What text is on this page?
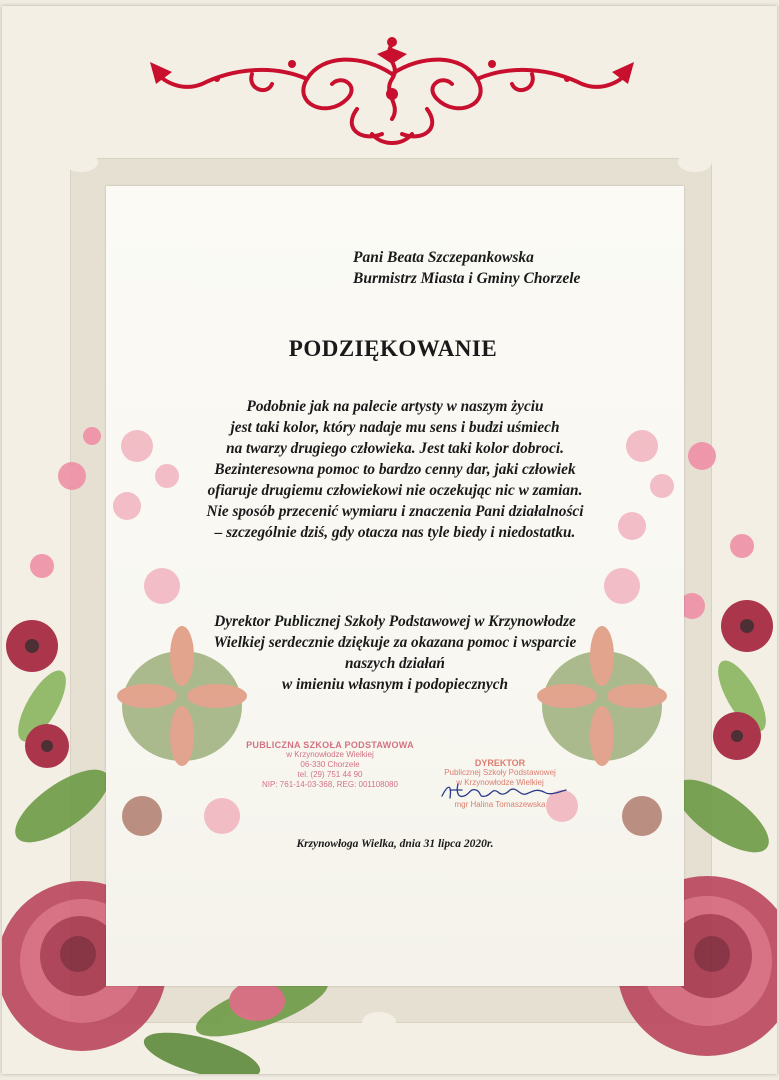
Pani Beata Szczepankowska
Burmistrz Miasta i Gminy Chorzele
PODZIĘKOWANIE
Podobnie jak na palecie artysty w naszym życiu
jest taki kolor, który nadaje mu sens i budzi uśmiech
na twarzy drugiego człowieka. Jest taki kolor dobroci.
Bezinteresowna pomoc to bardzo cenny dar, jaki człowiek
ofiaruje drugiemu człowiekowi nie oczekując nic w zamian.
Nie sposób przecenić wymiaru i znaczenia Pani działalności
– szczególnie dziś, gdy otacza nas tyle biedy i niedostatku.
Dyrektor Publicznej Szkoły Podstawowej w Krzynowłodze
Wielkiej serdecznie dziękuje za okazana pomoc i wsparcie
naszych działań
w imieniu własnym i podopiecznych
PUBLICZNA SZKOŁA PODSTAWOWA
w Krzynowłodze Wielkiej
06-330 Chorzele
tel. (29) 751 44 90
NIP: 761-14-03-368, REG: 001108080
DYREKTOR
Publicznej Szkoły Podstawowej
w Krzynowłodze Wielkiej
mgr Halina Tomaszewska
Krzynowłoga Wielka, dnia 31 lipca 2020r.
